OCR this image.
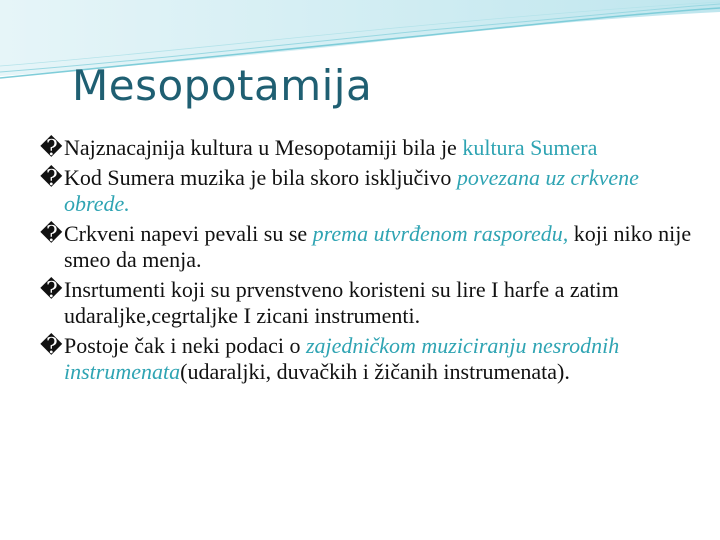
Mesopotamija

� Najznacajnija kultura u Mesopotamiji bila je kultura Sumera

� Kod Sumera muzika je bila skoro isključivo povezana uz crkvene obrede.

� Crkveni napevi pevali su se prema utvrđenom rasporedu, koji niko nije smeo da menja.

� Insrtumenti koji su prvenstveno koristeni su lire I harfe a zatim udaraljke,cegrtaljke I zicani instrumenti.

� Postoje čak i neki podaci o zajedničkom muziciranju nesrodnih instrumenata(udaraljki, duvačkih i žičanih instrumenata).
